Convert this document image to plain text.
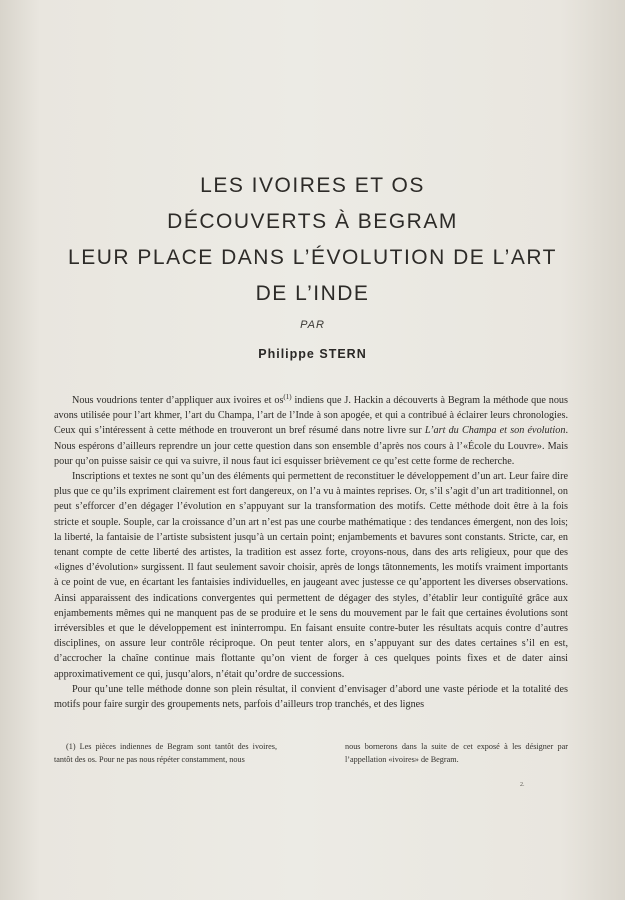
LES IVOIRES ET OS
DÉCOUVERTS À BEGRAM
LEUR PLACE DANS L’ÉVOLUTION DE L’ART
DE L’INDE
PAR
Philippe STERN

Nous voudrions tenter d’appliquer aux ivoires et $os^{(1)}$ indiens que J. Hackin a découverts à Begram la méthode que nous avons utilisée pour l’art khmer, l’art du Champa, l’art de l’Inde à son apogée, et qui a contribué à éclairer leurs chronologies. Ceux qui s’intéressent à cette méthode en trouveront un bref résumé dans notre livre sur L’art du Champa et son évolution. Nous espérons d’ailleurs reprendre un jour cette question dans son ensemble d’après nos cours à l’«École du Louvre». Mais pour qu’on puisse saisir ce qui va suivre, il nous faut ici esquisser brièvement ce qu’est cette forme de recherche.

Inscriptions et textes ne sont qu’un des éléments qui permettent de reconstituer le développement d’un art. Leur faire dire plus que ce qu’ils expriment clairement est fort dangereux, on l’a vu à maintes reprises. Or, s’il s’agit d’un art traditionnel, on peut s’efforcer d’en dégager l’évolution en s’appuyant sur la transformation des motifs. Cette méthode doit être à la fois stricte et souple. Souple, car la croissance d’un art n’est pas une courbe mathématique : des tendances émergent, non des lois; la liberté, la fantaisie de l’artiste subsistent jusqu’à un certain point; enjambements et bavures sont constants. Stricte, car, en tenant compte de cette liberté des artistes, la tradition est assez forte, croyons-nous, dans des arts religieux, pour que des «lignes d’évolution» surgissent. Il faut seulement savoir choisir, après de longs tâtonnements, les motifs vraiment importants à ce point de vue, en écartant les fantaisies individuelles, en jaugeant avec justesse ce qu’apportent les diverses observations. Ainsi apparaissent des indications convergentes qui permettent de dégager des styles, d’établir leur contiguïté grâce aux enjambements mêmes qui ne manquent pas de se produire et le sens du mouvement par le fait que certaines évolutions sont irréversibles et que le développement est ininterrompu. En faisant ensuite contre-buter les résultats acquis contre d’autres disciplines, on assure leur contrôle réciproque. On peut tenter alors, en s’appuyant sur des dates certaines s’il en est, d’accrocher la chaîne continue mais flottante qu’on vient de forger à ces quelques points fixes et de dater ainsi approximativement ce qui, jusqu’alors, n’était qu’ordre de successions.

Pour qu’une telle méthode donne son plein résultat, il convient d’envisager d’abord une vaste période et la totalité des motifs pour faire surgir des groupements nets, parfois d’ailleurs trop tranchés, et des lignes

(1) Les pièces indiennes de Begram sont tantôt des ivoires, tantôt des os. Pour ne pas nous répéter constamment, nous
nous bornerons dans la suite de cet exposé à les désigner par l’appellation «ivoires» de Begram.
2.
